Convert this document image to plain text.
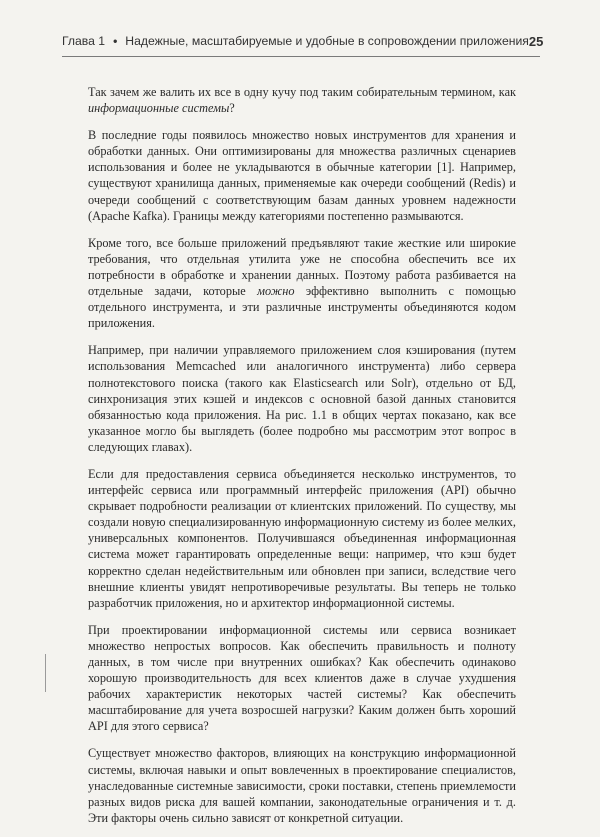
Глава 1 • Надежные, масштабируемые и удобные в сопровождении приложения 25

Так зачем же валить их все в одну кучу под таким собирательным термином, как информационные системы?

В последние годы появилось множество новых инструментов для хранения и обработки данных. Они оптимизированы для множества различных сценариев использования и более не укладываются в обычные категории [1]. Например, существуют хранилища данных, применяемые как очереди сообщений (Redis) и очереди сообщений с соответствующим базам данных уровнем надежности (Apache Kafka). Границы между категориями постепенно размываются.

Кроме того, все больше приложений предъявляют такие жесткие или широкие требования, что отдельная утилита уже не способна обеспечить все их потребности в обработке и хранении данных. Поэтому работа разбивается на отдельные задачи, которые можно эффективно выполнить с помощью отдельного инструмента, и эти различные инструменты объединяются кодом приложения.

Например, при наличии управляемого приложением слоя кэширования (путем использования Memcached или аналогичного инструмента) либо сервера полнотекстового поиска (такого как Elasticsearch или Solr), отдельно от БД, синхронизация этих кэшей и индексов с основной базой данных становится обязанностью кода приложения. На рис. 1.1 в общих чертах показано, как все указанное могло бы выглядеть (более подробно мы рассмотрим этот вопрос в следующих главах).

Если для предоставления сервиса объединяется несколько инструментов, то интерфейс сервиса или программный интерфейс приложения (API) обычно скрывает подробности реализации от клиентских приложений. По существу, мы создали новую специализированную информационную систему из более мелких, универсальных компонентов. Получившаяся объединенная информационная система может гарантировать определенные вещи: например, что кэш будет корректно сделан недействительным или обновлен при записи, вследствие чего внешние клиенты увидят непротиворечивые результаты. Вы теперь не только разработчик приложения, но и архитектор информационной системы.

При проектировании информационной системы или сервиса возникает множество непростых вопросов. Как обеспечить правильность и полноту данных, в том числе при внутренних ошибках? Как обеспечить одинаково хорошую производительность для всех клиентов даже в случае ухудшения рабочих характеристик некоторых частей системы? Как обеспечить масштабирование для учета возросшей нагрузки? Каким должен быть хороший API для этого сервиса?

Существует множество факторов, влияющих на конструкцию информационной системы, включая навыки и опыт вовлеченных в проектирование специалистов, унаследованные системные зависимости, сроки поставки, степень приемлемости разных видов риска для вашей компании, законодательные ограничения и т. д. Эти факторы очень сильно зависят от конкретной ситуации.
